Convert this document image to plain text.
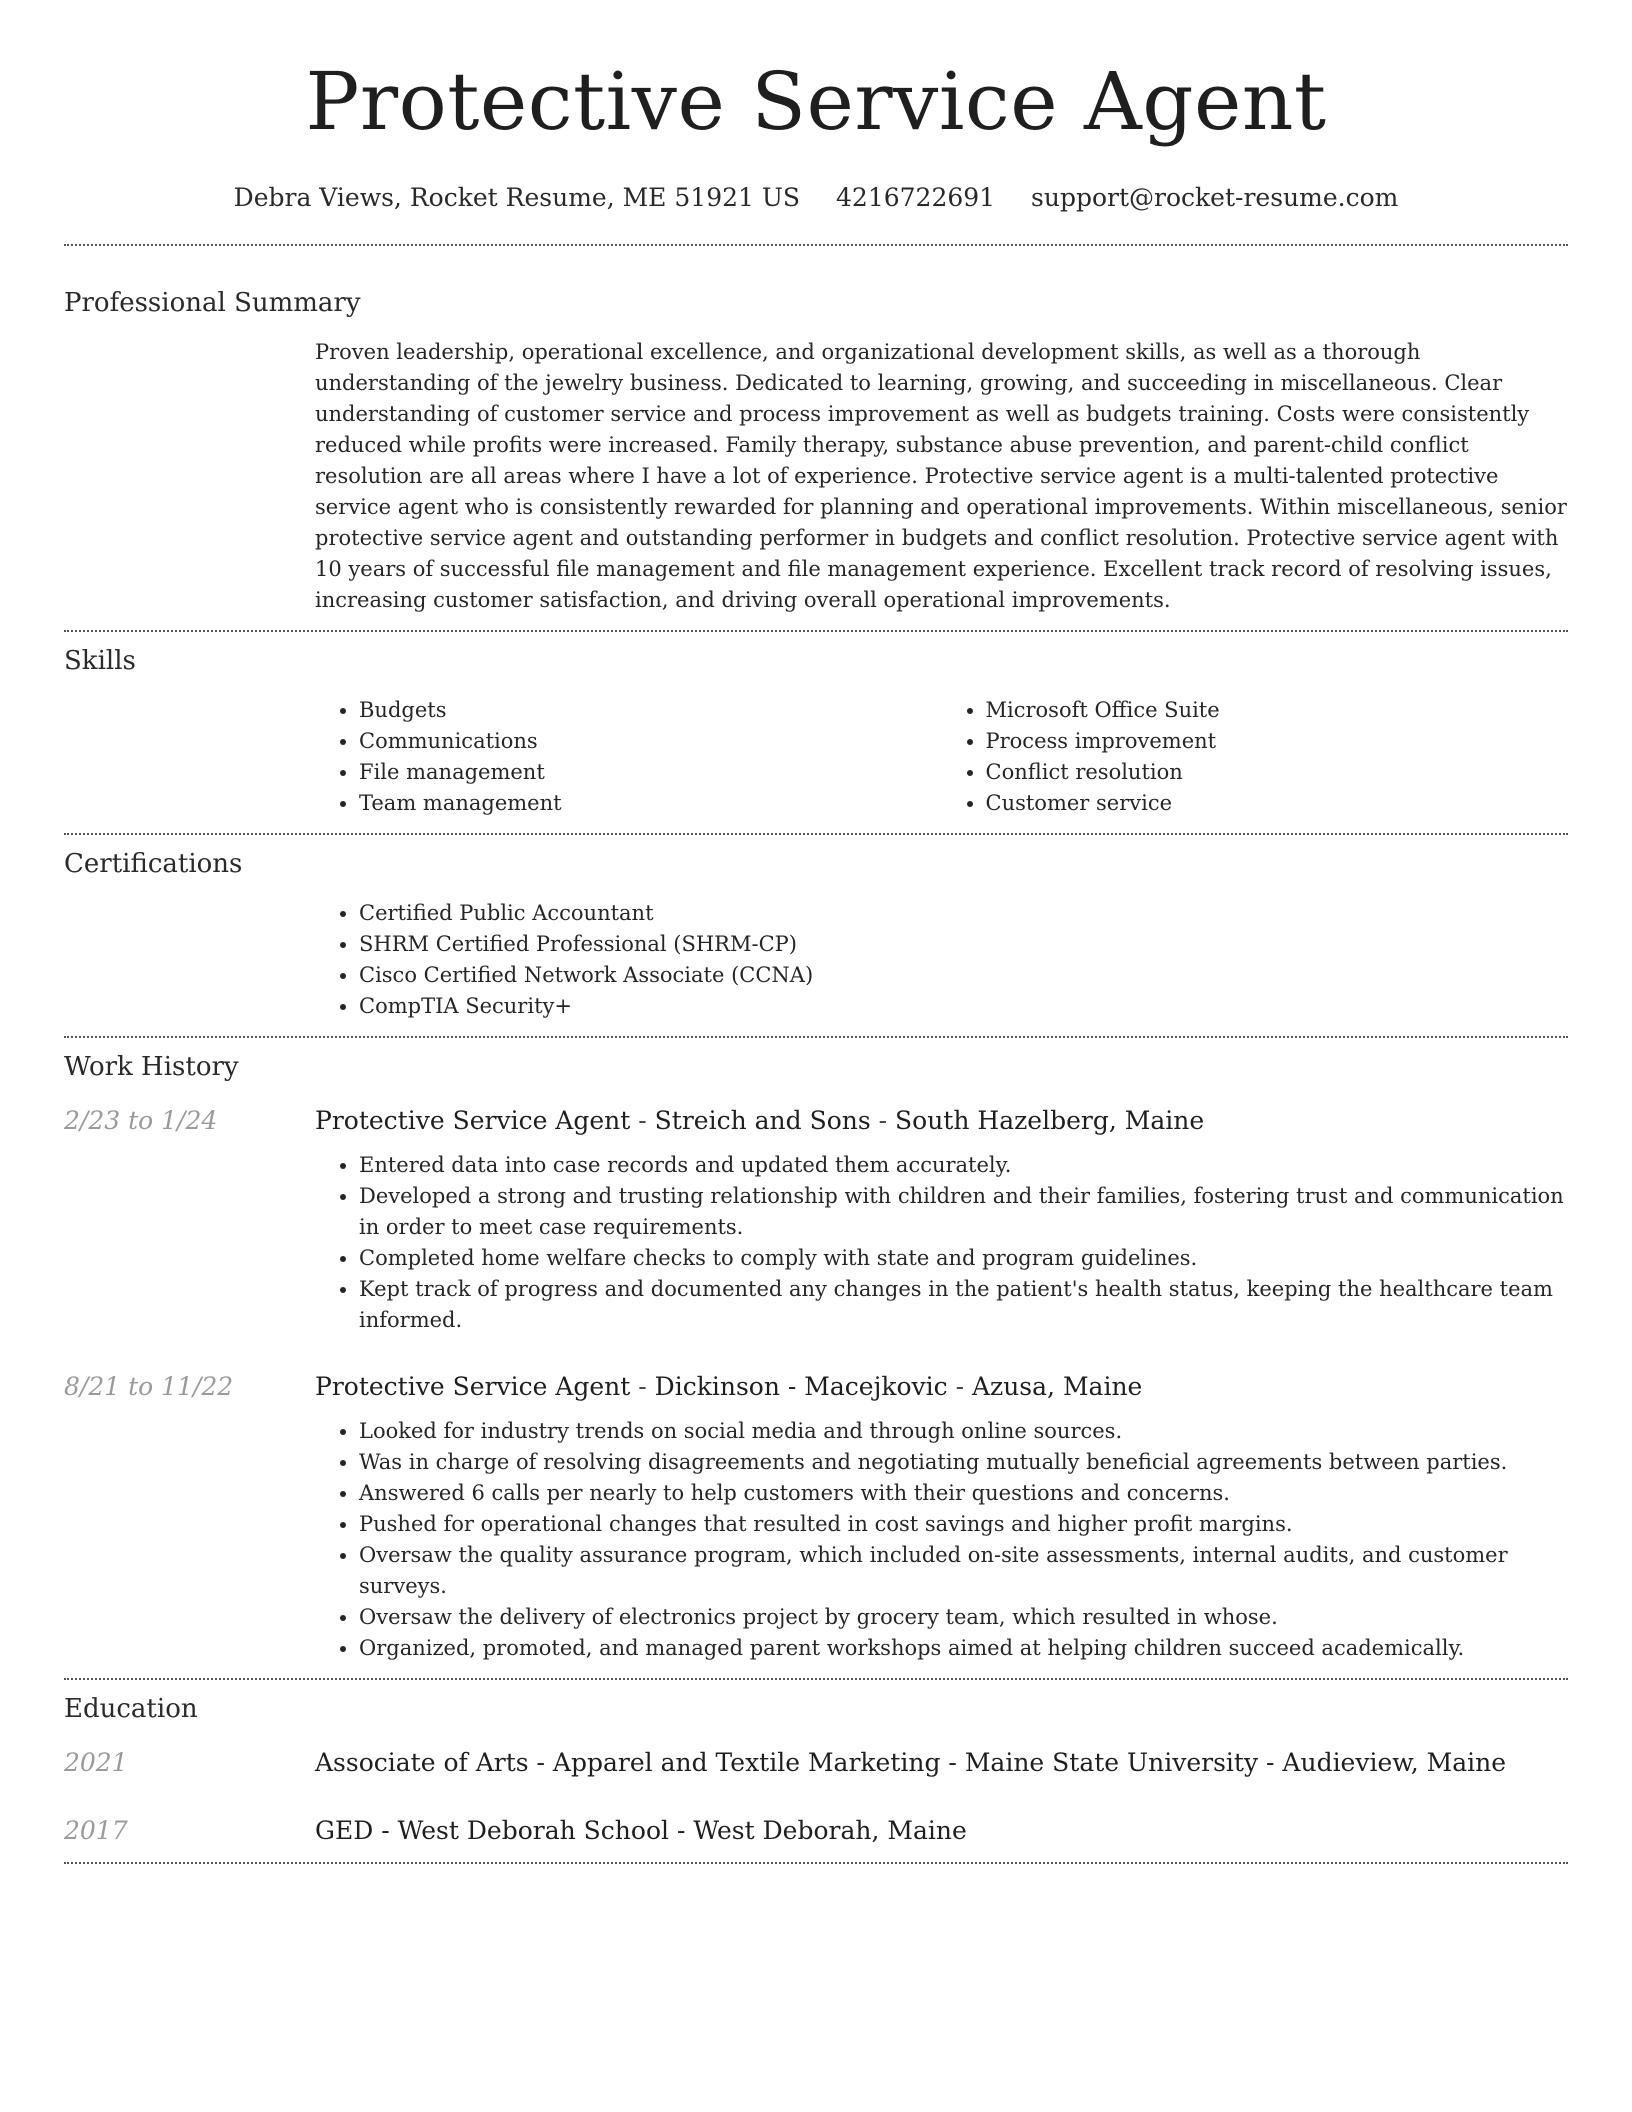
Protective Service Agent
Debra Views, Rocket Resume, ME 51921 US 4216722691 support@rocket-resume.com
Professional Summary
Proven leadership, operational excellence, and organizational development skills, as well as a thorough understanding of the jewelry business. Dedicated to learning, growing, and succeeding in miscellaneous. Clear understanding of customer service and process improvement as well as budgets training. Costs were consistently reduced while profits were increased. Family therapy, substance abuse prevention, and parent-child conflict resolution are all areas where I have a lot of experience. Protective service agent is a multi-talented protective service agent who is consistently rewarded for planning and operational improvements. Within miscellaneous, senior protective service agent and outstanding performer in budgets and conflict resolution. Protective service agent with 10 years of successful file management and file management experience. Excellent track record of resolving issues, increasing customer satisfaction, and driving overall operational improvements.
Skills
• Budgets
• Communications
• File management
• Team management
• Microsoft Office Suite
• Process improvement
• Conflict resolution
• Customer service
Certifications
• Certified Public Accountant
• SHRM Certified Professional (SHRM-CP)
• Cisco Certified Network Associate (CCNA)
• CompTIA Security+
Work History
2/23 to 1/24	Protective Service Agent - Streich and Sons - South Hazelberg, Maine
• Entered data into case records and updated them accurately.
• Developed a strong and trusting relationship with children and their families, fostering trust and communication in order to meet case requirements.
• Completed home welfare checks to comply with state and program guidelines.
• Kept track of progress and documented any changes in the patient's health status, keeping the healthcare team informed.
8/21 to 11/22	Protective Service Agent - Dickinson - Macejkovic - Azusa, Maine
• Looked for industry trends on social media and through online sources.
• Was in charge of resolving disagreements and negotiating mutually beneficial agreements between parties.
• Answered 6 calls per nearly to help customers with their questions and concerns.
• Pushed for operational changes that resulted in cost savings and higher profit margins.
• Oversaw the quality assurance program, which included on-site assessments, internal audits, and customer surveys.
• Oversaw the delivery of electronics project by grocery team, which resulted in whose.
• Organized, promoted, and managed parent workshops aimed at helping children succeed academically.
Education
2021	Associate of Arts - Apparel and Textile Marketing - Maine State University - Audieview, Maine
2017	GED - West Deborah School - West Deborah, Maine
